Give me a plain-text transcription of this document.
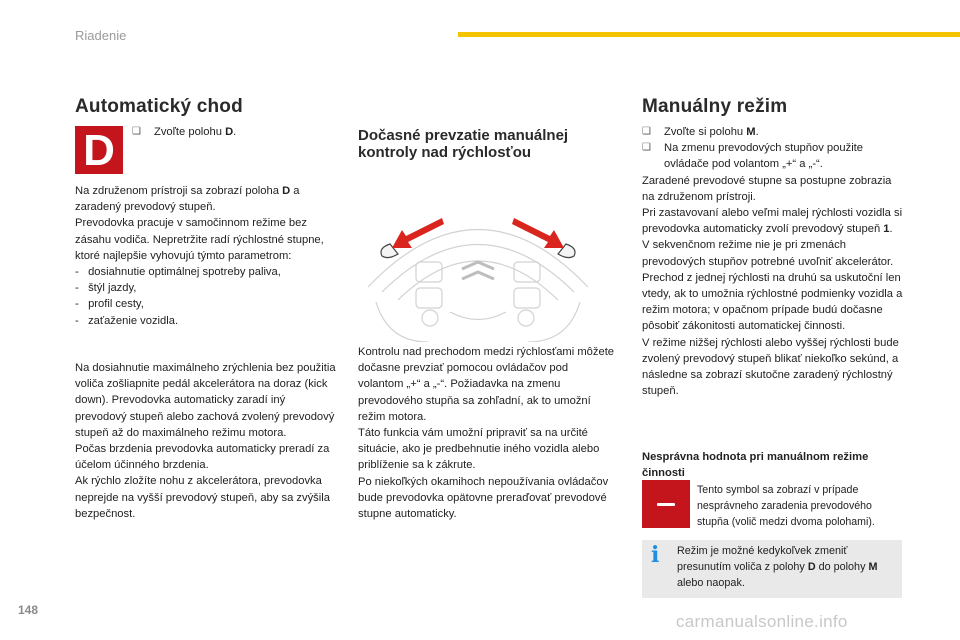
Riadenie
Automatický chod
D	❏ Zvoľte polohu D.

Na združenom prístroji sa zobrazí poloha D a zaradený prevodový stupeň.

Prevodovka pracuje v samočinnom režime bez zásahu vodiča. Nepretržite radí rýchlostné stupne, ktoré najlepšie vyhovujú týmto parametrom:

- dosiahnutie optimálnej spotreby paliva,

- štýl jazdy,

- profil cesty,

- zaťaženie vozidla.

Na dosiahnutie maximálneho zrýchlenia bez použitia voliča zošliapnite pedál akcelerátora na doraz (kick down). Prevodovka automaticky zaradí iný prevodový stupeň alebo zachová zvolený prevodový stupeň až do maximálneho režimu motora.

Počas brzdenia prevodovka automaticky preradí za účelom účinného brzdenia.

Ak rýchlo zložíte nohu z akcelerátora, prevodovka neprejde na vyšší prevodový stupeň, aby sa zvýšila bezpečnost.

Dočasné prevzatie manuálnej kontroly nad rýchlosťou

Kontrolu nad prechodom medzi rýchlosťami môžete dočasne prevziať pomocou ovládačov pod volantom „+“ a „-“. Požiadavka na zmenu prevodového stupňa sa zohľadní, ak to umožní režim motora.

Táto funkcia vám umožní pripraviť sa na určité situácie, ako je predbehnutie iného vozidla alebo priblíženie sa k zákrute.

Po niekoľkých okamihoch nepoužívania ovládačov bude prevodovka opätovne preraďovať prevodové stupne automaticky.

Manuálny režim
❏ Zvoľte si polohu M.
❏ Na zmenu prevodových stupňov použite ovládače pod volantom „+“ a „-“.

Zaradené prevodové stupne sa postupne zobrazia na združenom prístroji.

Pri zastavovaní alebo veľmi malej rýchlosti vozidla si prevodovka automaticky zvolí prevodový stupeň 1.

V sekvenčnom režime nie je pri zmenách prevodových stupňov potrebné uvoľniť akcelerátor.

Prechod z jednej rýchlosti na druhú sa uskutoční len vtedy, ak to umožnia rýchlostné podmienky vozidla a režim motora; v opačnom prípade budú dočasne pôsobiť zákonitosti automatickej činnosti.

V režime nižšej rýchlosti alebo vyššej rýchlosti bude zvolený prevodový stupeň blikať niekoľko sekúnd, a následne sa zobrazí skutočne zaradený rýchlostný stupeň.

Nesprávna hodnota pri manuálnom režime činnosti
Tento symbol sa zobrazí v prípade nesprávneho zaradenia prevodového stupňa (volič medzi dvoma polohami).
i	Režim je možné kedykoľvek zmeniť presunutím voliča z polohy D do polohy M alebo naopak.
148
carmanualsonline.info
